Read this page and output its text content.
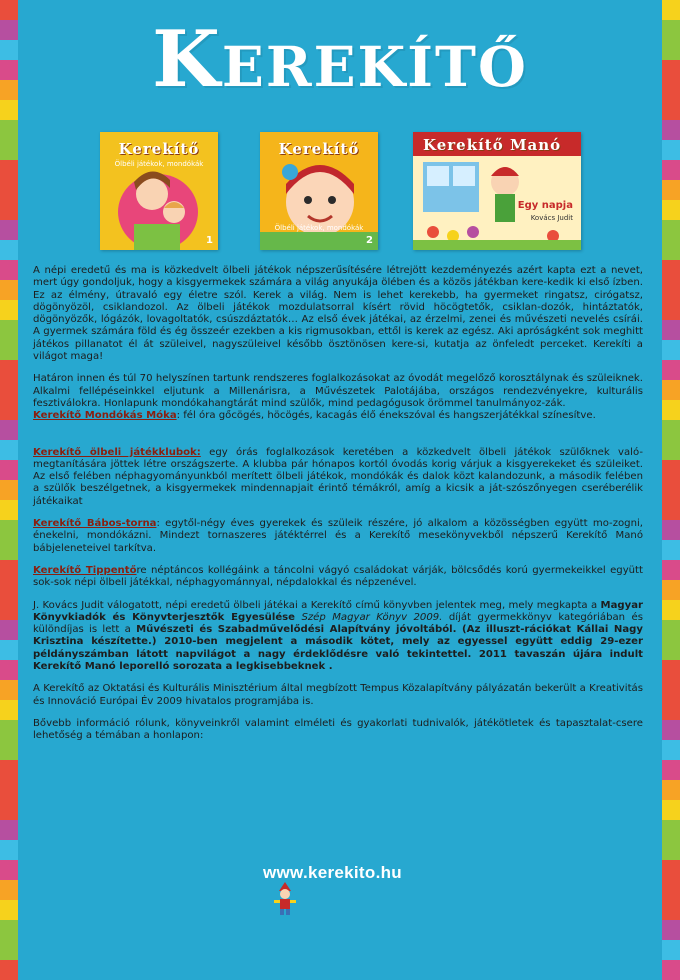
Kerekítő
Kerekítő
Ölbéli játékok, mondókák
1
Kerekítő
Ölbéli játékok, mondókák
2
Kerekítő Manó
Egy napja
Kovács Judit

A népi eredetű és ma is közkedvelt ölbeli játékok népszerűsítésére létrejött kezdeményezés azért kapta ezt a nevet, mert úgy gondoljuk, hogy a kisgyermekek számára a világ anyukája ölében és a közös játékban kere-kedik ki első ízben. Ez az élmény, útravaló egy életre szól. Kerek a világ. Nem is lehet kerekebb, ha gyermeket ringatsz, cirógatsz, dögönyözöl, csiklandozol. Az ölbeli játékok mozdulatsorral kísért rövid höcögtetők, csiklan-dozók, hintáztatók, dögönyözők, lógázók, lovagoltatók, csúszdáztatók… Az első évek játékai, az érzelmi, zenei és művészeti nevelés csírái. A gyermek számára föld és ég összeér ezekben a kis rigmusokban, ettől is kerek az egész. Aki apróságként sok meghitt játékos pillanatot él át szüleivel, nagyszüleivel később ösztönösen kere-si, kutatja az önfeledt perceket. Kerekíti a világot maga!

Határon innen és túl 70 helyszínen tartunk rendszeres foglalkozásokat az óvodát megelőző korosztálynak és szüleiknek. Alkalmi fellépéseinkkel eljutunk a Millenárisra, a Művészetek Palotájába, országos rendezvényekre, kulturális fesztiválokra. Honlapunk mondókahangtárát mind szülők, mind pedagógusok örömmel tanulmányoz-zák.

Kerekítő Mondókás Móka: fél óra gőcögés, höcögés, kacagás élő énekszóval és hangszerjátékkal színesítve.

Kerekítő ölbeli játékklubok: egy órás foglalkozások keretében a közkedvelt ölbeli játékok szülőknek való-megtanítására jöttek létre országszerte. A klubba pár hónapos kortól óvodás korig várjuk a kisgyerekeket és szüleiket. Az első felében néphagyományunkból merített ölbeli játékok, mondókák és dalok közt kalandozunk, a második felében a szülők beszélgetnek, a kisgyermekek mindennapjait érintő témákról, amíg a kicsik a ját-szószőnyegen cseréberélik játékaikat

Kerekítő Bábos-torna: egytől-négy éves gyerekek és szüleik részére, jó alkalom a közösségben együtt mo-zogni, énekelni, mondókázni. Mindezt tornaszeres játéktérrel és a Kerekítő mesekönyvekből népszerű Kerekítő Manó bábjeleneteivel tarkítva.

Kerekítő Tippentőre néptáncos kollégáink a táncolni vágyó családokat várják, bölcsődés korú gyermekeikkel együtt sok-sok népi ölbeli játékkal, néphagyománnyal, népdalokkal és népzenével.

J. Kovács Judit válogatott, népi eredetű ölbeli játékai a Kerekítő című könyvben jelentek meg, mely megkapta a Magyar Könyvkiadók és Könyvterjesztők Egyesülése Szép Magyar Könyv 2009. díját gyermekkönyv kategóriában és különdíjas is lett a Művészeti és Szabadművelődési Alapítvány jóvoltából. (Az illuszt-rációkat Kállai Nagy Krisztina készítette.) 2010-ben megjelent a második kötet, mely az egyessel együtt eddig 29-ezer példányszámban látott napvilágot a nagy érdeklődésre való tekintettel. 2011 tavaszán újára indult Kerekítő Manó leporelló sorozata a legkisebbeknek .

A Kerekítő az Oktatási és Kulturális Minisztérium által megbízott Tempus Közalapítvány pályázatán bekerült a Kreativitás és Innováció Európai Év 2009 hivatalos programjába is.

Bővebb információ rólunk, könyveinkről valamint elméleti és gyakorlati tudnivalók, játékötletek és tapasztalat-csere lehetőség a témában a honlapon:

www.kerekito.hu
